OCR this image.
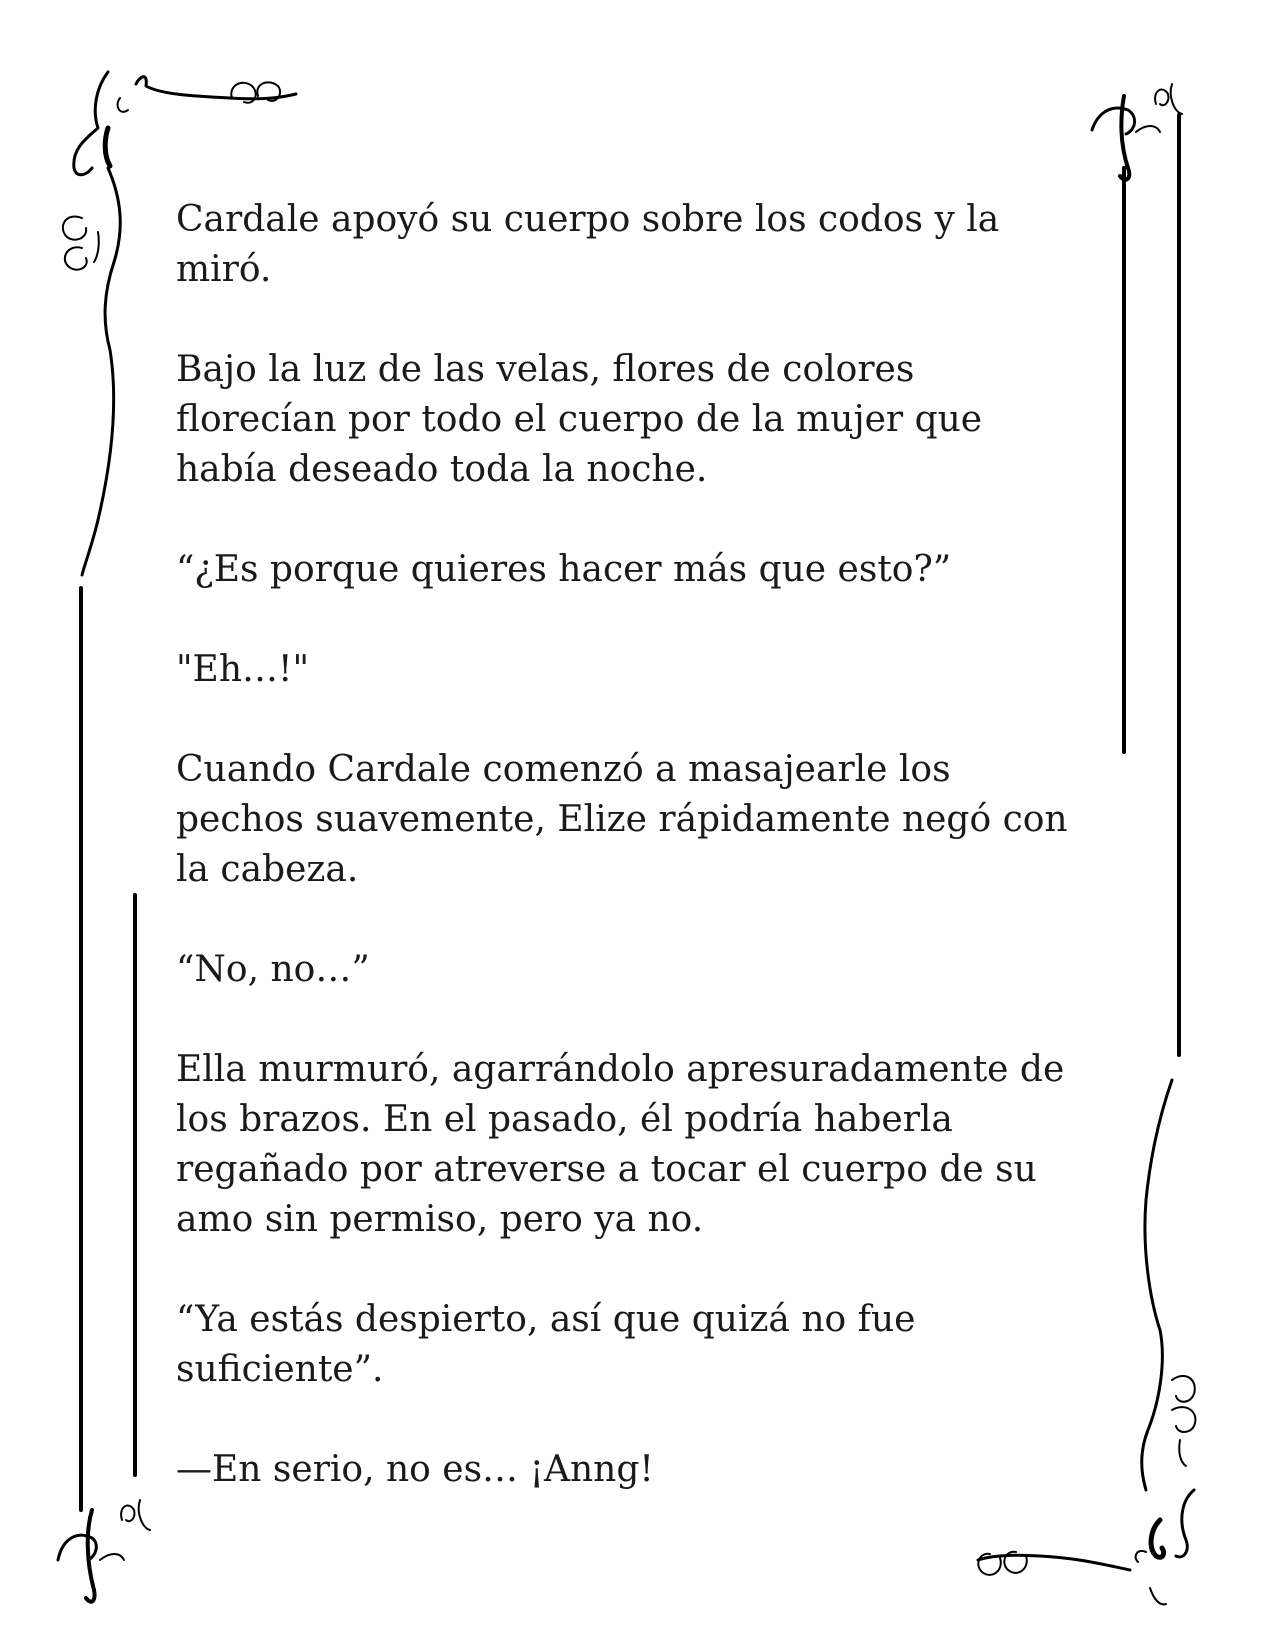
Cardale apoyó su cuerpo sobre los codos y la miró.

Bajo la luz de las velas, flores de colores florecían por todo el cuerpo de la mujer que había deseado toda la noche.

“¿Es porque quieres hacer más que esto?”

"Eh…!"

Cuando Cardale comenzó a masajearle los pechos suavemente, Elize rápidamente negó con la cabeza.

“No, no…”

Ella murmuró, agarrándolo apresuradamente de los brazos. En el pasado, él podría haberla regañado por atreverse a tocar el cuerpo de su amo sin permiso, pero ya no.

“Ya estás despierto, así que quizá no fue suficiente”.

—En serio, no es… ¡Anng!
